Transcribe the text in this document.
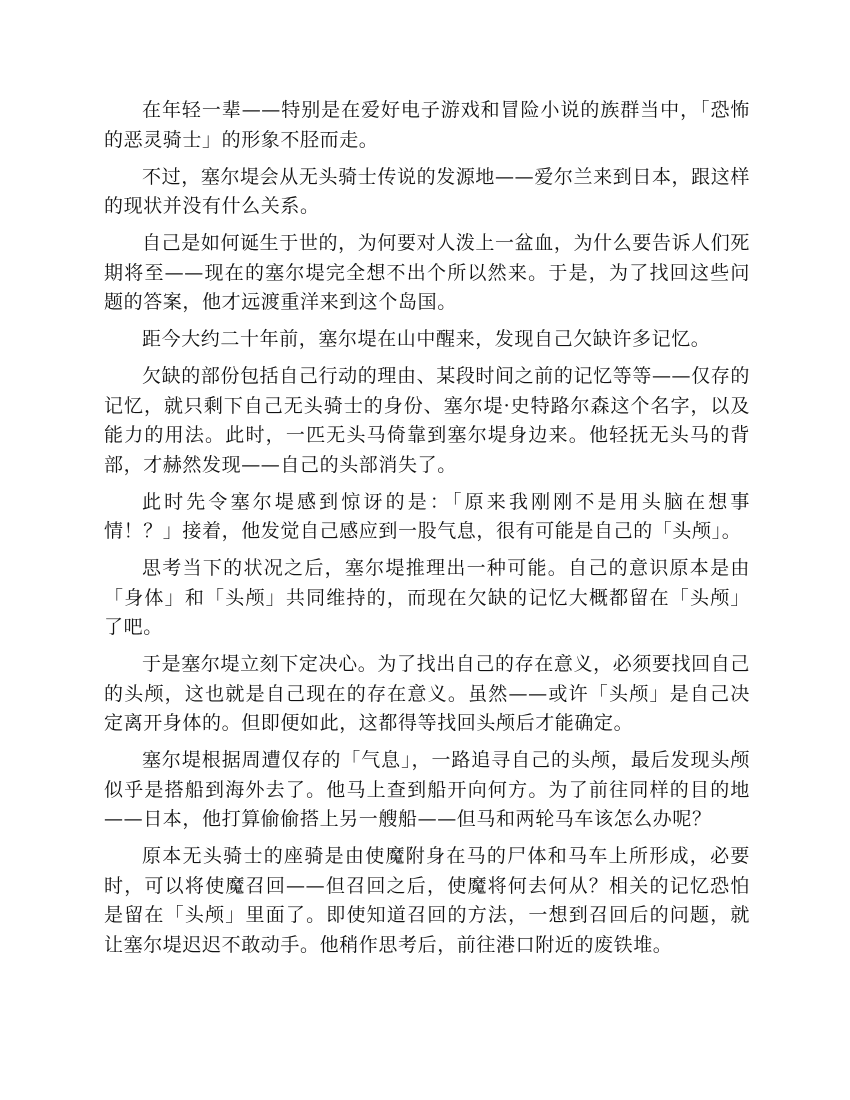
在年轻一辈——特别是在爱好电子游戏和冒险小说的族群当中，「恐怖的恶灵骑士」的形象不胫而走。

不过，塞尔堤会从无头骑士传说的发源地——爱尔兰来到日本，跟这样的现状并没有什么关系。

自己是如何诞生于世的，为何要对人泼上一盆血，为什么要告诉人们死期将至——现在的塞尔堤完全想不出个所以然来。于是，为了找回这些问题的答案，他才远渡重洋来到这个岛国。

距今大约二十年前，塞尔堤在山中醒来，发现自己欠缺许多记忆。

欠缺的部份包括自己行动的理由、某段时间之前的记忆等等——仅存的记忆，就只剩下自己无头骑士的身份、塞尔堤·史特路尔森这个名字，以及能力的用法。此时，一匹无头马倚靠到塞尔堤身边来。他轻抚无头马的背部，才赫然发现——自己的头部消失了。

此时先令塞尔堤感到惊讶的是：「原来我刚刚不是用头脑在想事情！？」接着，他发觉自己感应到一股气息，很有可能是自己的「头颅」。

思考当下的状况之后，塞尔堤推理出一种可能。自己的意识原本是由「身体」和「头颅」共同维持的，而现在欠缺的记忆大概都留在「头颅」了吧。

于是塞尔堤立刻下定决心。为了找出自己的存在意义，必须要找回自己的头颅，这也就是自己现在的存在意义。虽然——或许「头颅」是自己决定离开身体的。但即便如此，这都得等找回头颅后才能确定。

塞尔堤根据周遭仅存的「气息」，一路追寻自己的头颅，最后发现头颅似乎是搭船到海外去了。他马上查到船开向何方。为了前往同样的目的地——日本，他打算偷偷搭上另一艘船——但马和两轮马车该怎么办呢？

原本无头骑士的座骑是由使魔附身在马的尸体和马车上所形成，必要时，可以将使魔召回——但召回之后，使魔将何去何从？相关的记忆恐怕是留在「头颅」里面了。即使知道召回的方法，一想到召回后的问题，就让塞尔堤迟迟不敢动手。他稍作思考后，前往港口附近的废铁堆。
